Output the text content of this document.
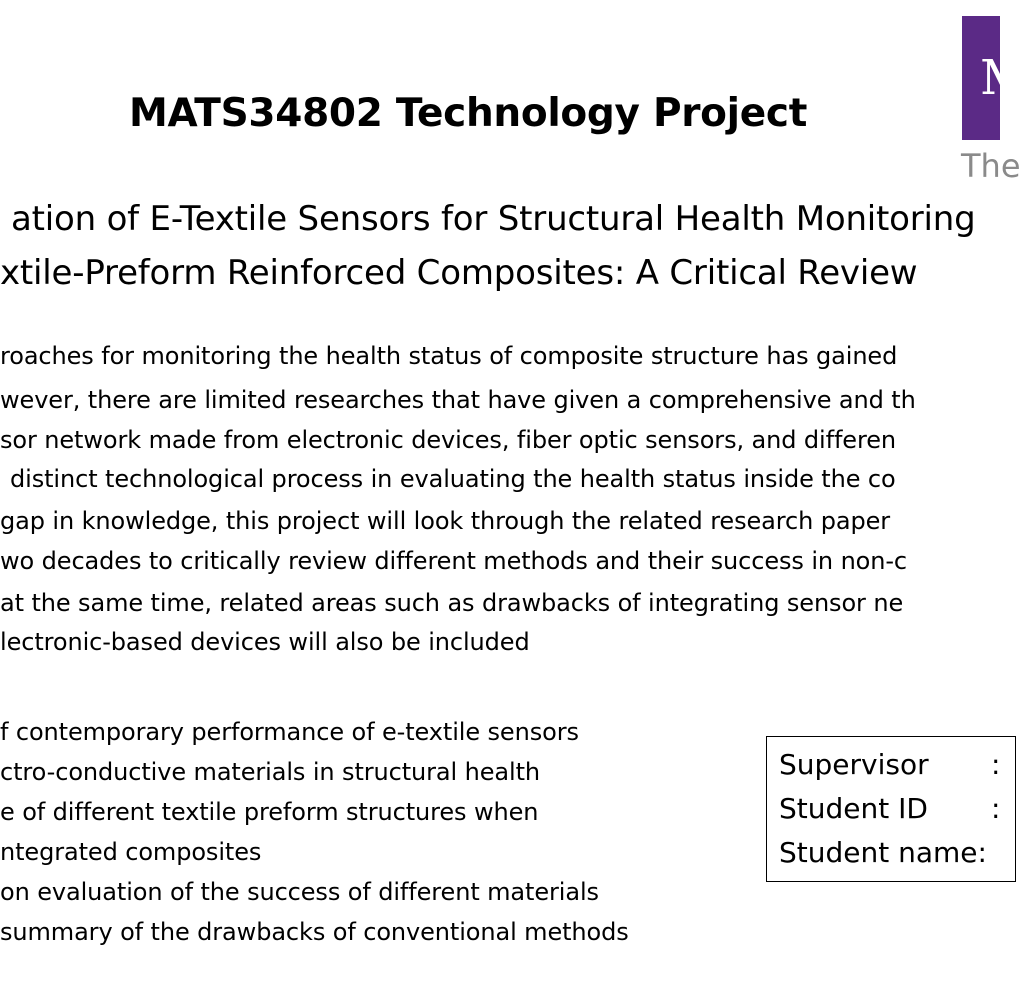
MATS34802 Technology Project
M
The
ation of E-Textile Sensors for Structural Health Monitoring
xtile-Preform Reinforced Composites: A Critical Review
roaches for monitoring the health status of composite structure has gained
wever, there are limited researches that have given a comprehensive and th
sor network made from electronic devices, fiber optic sensors, and differen
distinct technological process in evaluating the health status inside the co
gap in knowledge, this project will look through the related research paper
wo decades to critically review different methods and their success in non-c
at the same time, related areas such as drawbacks of integrating sensor ne
lectronic-based devices will also be included
f contemporary performance of e-textile sensors
ctro-conductive materials in structural health
e of different textile preform structures when
ntegrated composites
on evaluation of the success of different materials
summary of the drawbacks of conventional methods
Supervisor :
Student ID :
Student name:
